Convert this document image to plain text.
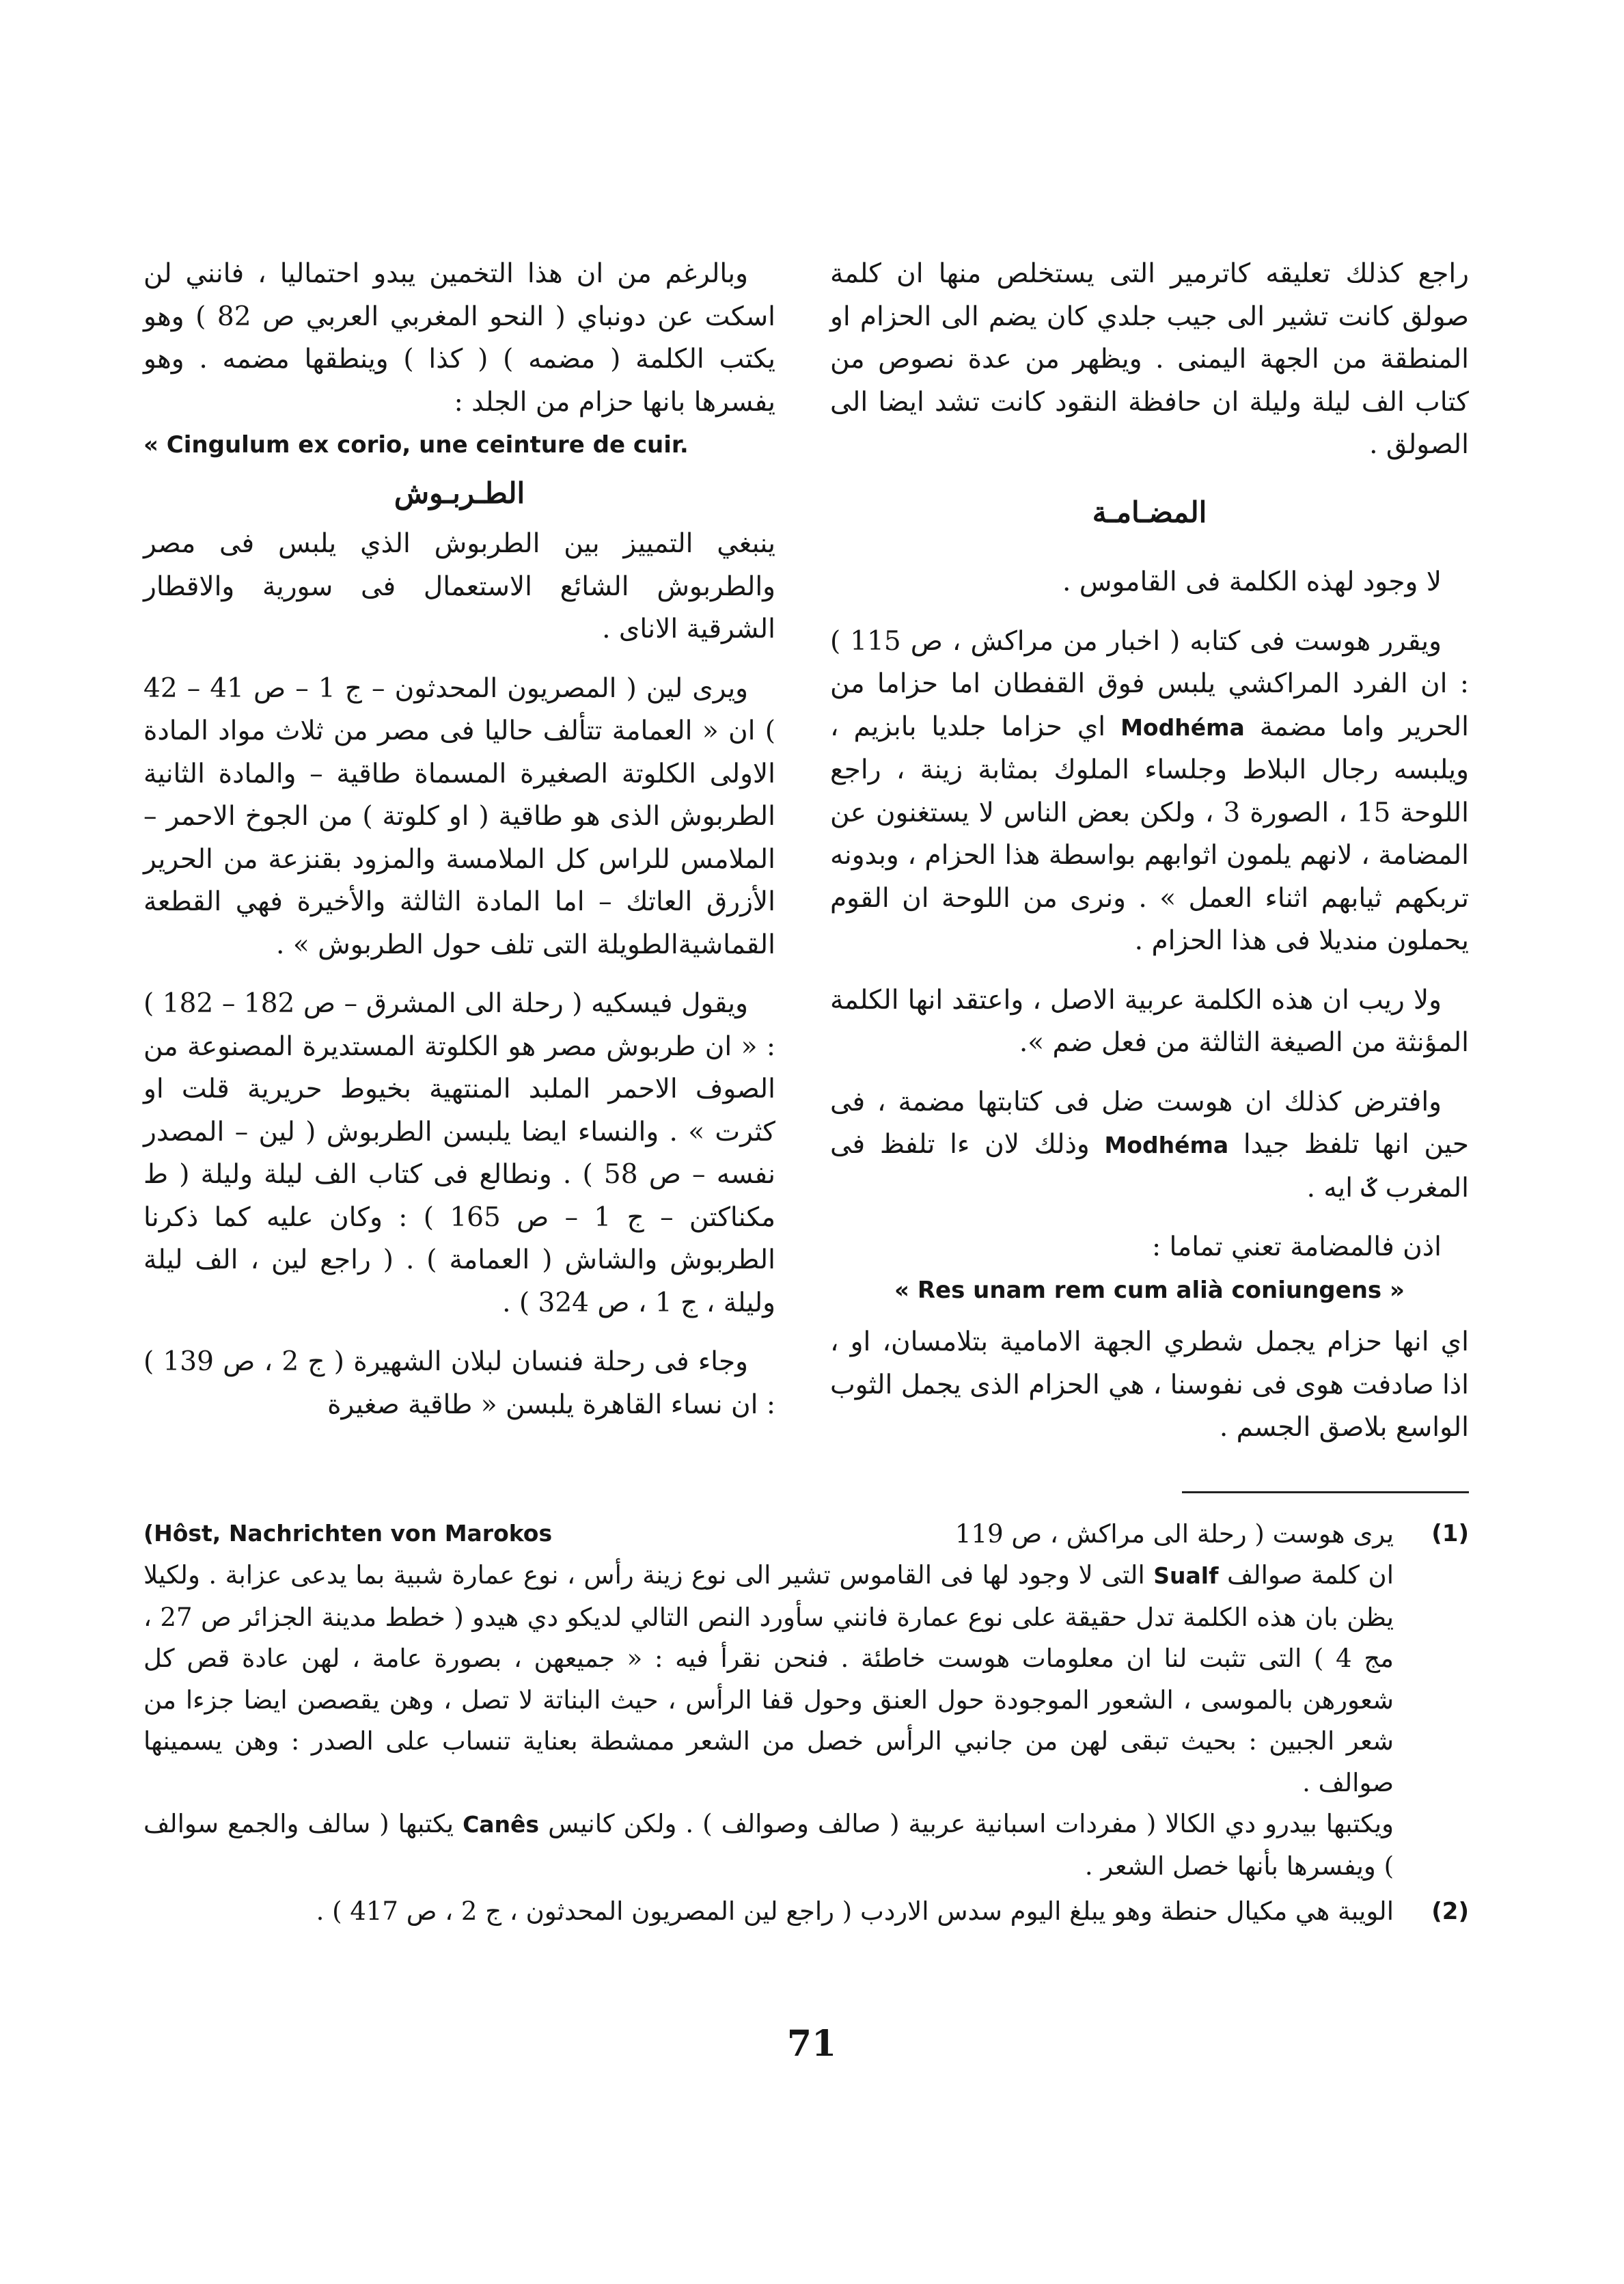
راجع كذلك تعليقه كاترمير التى يستخلص منها ان كلمة صولق كانت تشير الى جيب جلدي كان يضم الى الحزام او المنطقة من الجهة اليمنى . ويظهر من عدة نصوص من كتاب الف ليلة وليلة ان حافظة النقود كانت تشد ايضا الى الصولق .

المضـامـة

لا وجود لهذه الكلمة فى القاموس .

ويقرر هوست فى كتابه ( اخبار من مراكش ، ص 115 ) : ان الفرد المراكشي يلبس فوق القفطان اما حزاما من الحرير واما مضمة Modhéma اي حزاما جلديا بابزيم ، ويلبسه رجال البلاط وجلساء الملوك بمثابة زينة ، راجع اللوحة 15 ، الصورة 3 ، ولكن بعض الناس لا يستغنون عن المضامة ، لانهم يلمون اثوابهم بواسطة هذا الحزام ، وبدونه تربكهم ثيابهم اثناء العمل » . ونرى من اللوحة ان القوم يحملون منديلا فى هذا الحزام .

ولا ريب ان هذه الكلمة عربية الاصل ، واعتقد انها الكلمة المؤنثة من الصيغة الثالثة من فعل ضم ».

وافترض كذلك ان هوست ضل فى كتابتها مضمة ، فى حين انها تلفظ جيدا Modhéma وذلك لان ءا تلفظ فى المغرب ػ ايه .

اذن فالمضامة تعني تماما :

« Res unam rem cum alià coniungens »

اي انها حزام يجمل شطري الجهة الامامية بتلامسان، او ، اذا صادفت هوى فى نفوسنا ، هي الحزام الذى يجمل الثوب الواسع بلاصق الجسم .

وبالرغم من ان هذا التخمين يبدو احتماليا ، فانني لن اسكت عن دونباي ( النحو المغربي العربي ص 82 ) وهو يكتب الكلمة ( مضمه ) ( كذا ) وينطقها مضمه . وهو يفسرها بانها حزام من الجلد :

« Cingulum ex corio, une ceinture de cuir.
الطـربـوش

ينبغي التمييز بين الطربوش الذي يلبس فى مصر والطربوش الشائع الاستعمال فى سورية والاقطار الشرقية الاناى .

ويرى لين ( المصريون المحدثون – ج 1 – ص 41 – 42 ) ان « العمامة تتألف حاليا فى مصر من ثلاث مواد المادة الاولى الكلوتة الصغيرة المسماة طاقية – والمادة الثانية الطربوش الذى هو طاقية ( او كلوتة ) من الجوخ الاحمر – الملامس للراس كل الملامسة والمزود بقنزعة من الحرير الأزرق العاتك – اما المادة الثالثة والأخيرة فهي القطعة القماشيةالطويلة التى تلف حول الطربوش » .

ويقول فيسكيه ( رحلة الى المشرق – ص 182 – 182 ) : « ان طربوش مصر هو الكلوتة المستديرة المصنوعة من الصوف الاحمر الملبد المنتهية بخيوط حريرية قلت او كثرت » . والنساء ايضا يلبسن الطربوش ( لين – المصدر نفسه – ص 58 ) . ونطالع فى كتاب الف ليلة وليلة ( ط مكناكتن – ج 1 – ص 165 ) : وكان عليه كما ذكرنا الطربوش والشاش ( العمامة ) . ( راجع لين ، الف ليلة وليلة ، ج 1 ، ص 324 ) .

وجاء فى رحلة فنسان لبلان الشهيرة ( ج 2 ، ص 139 ) : ان نساء القاهرة يلبسن « طاقية صغيرة

(1)
(Hôst, Nachrichten von Marokos	يرى هوست ( رحلة الى مراكش ، ص 119

ان كلمة صوالف Sualf التى لا وجود لها فى القاموس تشير الى نوع زينة رأس ، نوع عمارة شبية بما يدعى عزابة . ولكيلا يظن بان هذه الكلمة تدل حقيقة على نوع عمارة فانني سأورد النص التالي لديكو دي هيدو ( خطط مدينة الجزائر ص 27 ، مج 4 ) التى تثبت لنا ان معلومات هوست خاطئة . فنحن نقرأ فيه : « جميعهن ، بصورة عامة ، لهن عادة قص كل شعورهن بالموسى ، الشعور الموجودة حول العنق وحول قفا الرأس ، حيث البناتة لا تصل ، وهن يقصصن ايضا جزءا من شعر الجبين : بحيث تبقى لهن من جانبي الرأس خصل من الشعر ممشطة بعناية تنساب على الصدر : وهن يسمينها صوالف .

ويكتبها بيدرو دي الكالا ( مفردات اسبانية عربية ( صالف وصوالف ) . ولكن كانيس Canês يكتبها ( سالف والجمع سوالف ) ويفسرها بأنها خصل الشعر .

(2)

الويبة هي مكيال حنطة وهو يبلغ اليوم سدس الاردب ( راجع لين المصريون المحدثون ، ج 2 ، ص 417 ) .

71
